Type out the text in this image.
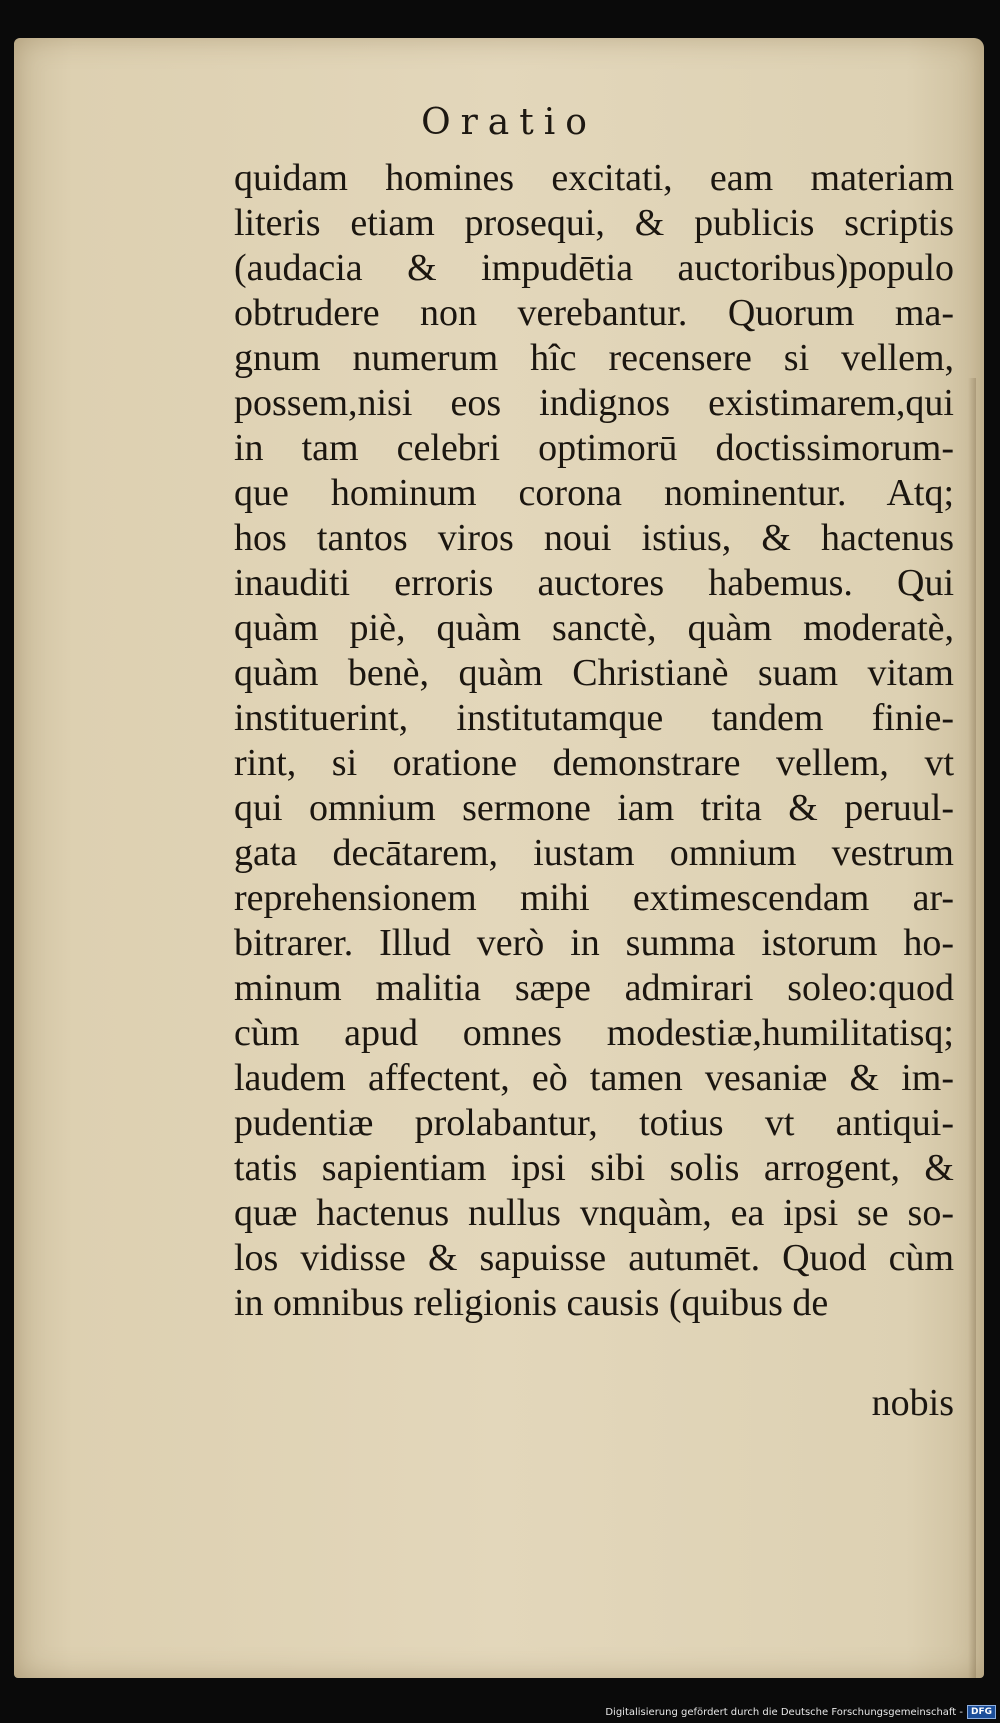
Oratio
quidam homines excitati, eam materiam
literis etiam prosequi, & publicis scriptis
(audacia & impudētia auctoribus)populo
obtrudere non verebantur. Quorum ma-
gnum numerum hîc recensere si vellem,
possem,nisi eos indignos existimarem,qui
in tam celebri optimorū doctissimorum-
que hominum corona nominentur. Atq;
hos tantos viros noui istius, & hactenus
inauditi erroris auctores habemus. Qui
quàm piè, quàm sanctè, quàm moderatè,
quàm benè, quàm Christianè suam vitam
instituerint, institutamque tandem finie-
rint, si oratione demonstrare vellem, vt
qui omnium sermone iam trita & peruul-
gata decātarem, iustam omnium vestrum
reprehensionem mihi extimescendam ar-
bitrarer. Illud verò in summa istorum ho-
minum malitia sæpe admirari soleo:quod
cùm apud omnes modestiæ,humilitatisq;
laudem affectent, eò tamen vesaniæ & im-
pudentiæ prolabantur, totius vt antiqui-
tatis sapientiam ipsi sibi solis arrogent, &
quæ hactenus nullus vnquàm, ea ipsi se so-
los vidisse & sapuisse autumēt. Quod cùm
in omnibus religionis causis (quibus de
nobis
Digitalisierung gefördert durch die Deutsche Forschungsgemeinschaft - DFG
